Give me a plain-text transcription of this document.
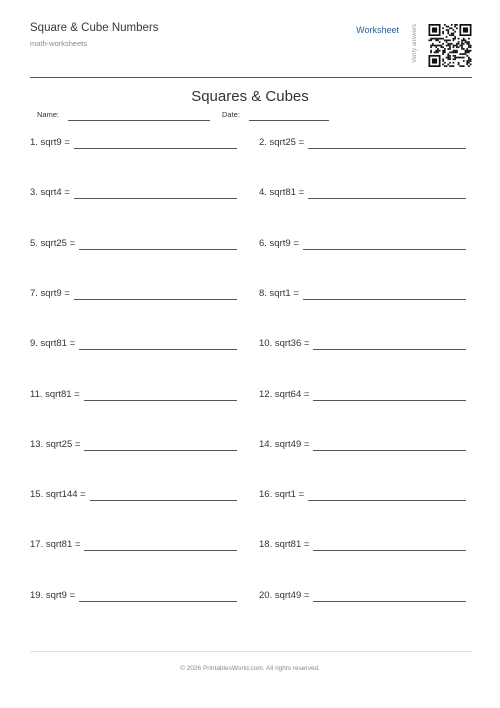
Square & Cube Numbers
math-worksheets
Worksheet Verify answers
Squares & Cubes
Name:	Date:
1. sqrt9 =	2. sqrt25 =
3. sqrt4 =	4. sqrt81 =
5. sqrt25 =	6. sqrt9 =
7. sqrt9 =	8. sqrt1 =
9. sqrt81 =	10. sqrt36 =
11. sqrt81 =	12. sqrt64 =
13. sqrt25 =	14. sqrt49 =
15. sqrt144 =	16. sqrt1 =
17. sqrt81 =	18. sqrt81 =
19. sqrt9 =	20. sqrt49 =
© 2026 PrintablesWorld.com. All rights reserved.
